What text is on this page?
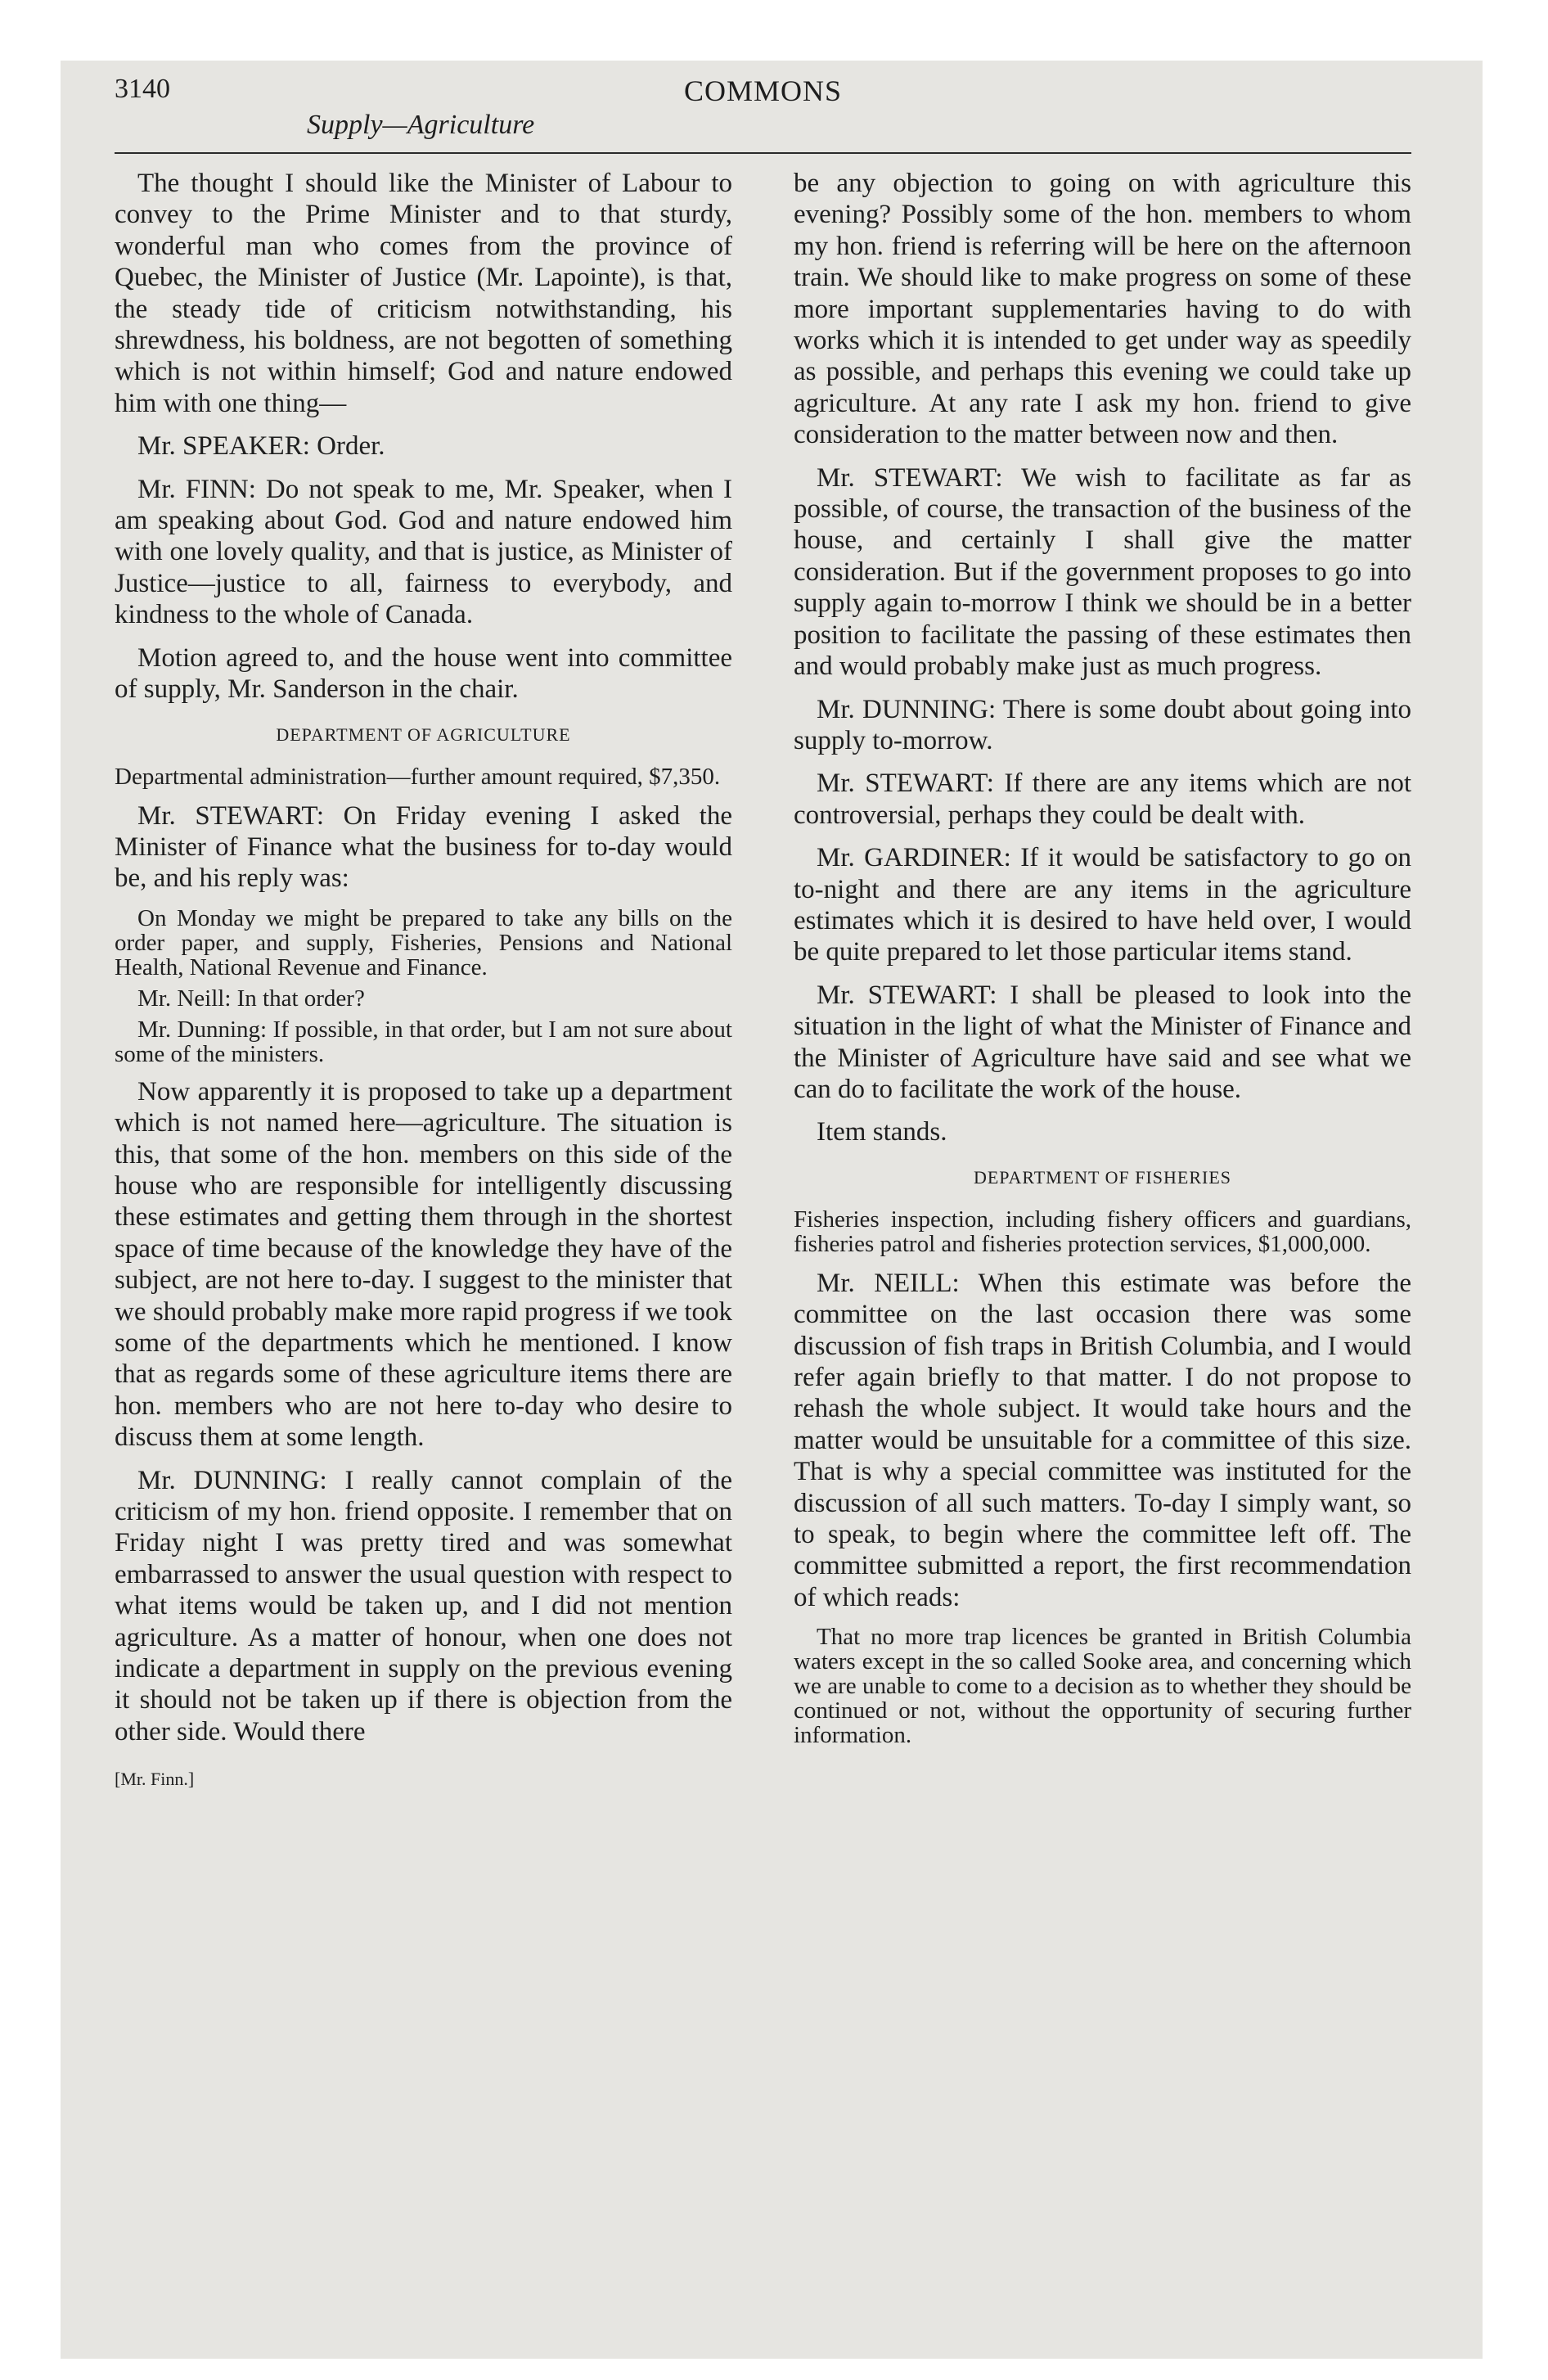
3140	COMMONS
Supply—Agriculture

The thought I should like the Minister of Labour to convey to the Prime Minister and to that sturdy, wonderful man who comes from the province of Quebec, the Minister of Justice (Mr. Lapointe), is that, the steady tide of criticism notwithstanding, his shrewdness, his boldness, are not begotten of something which is not within himself; God and nature endowed him with one thing—

Mr. SPEAKER: Order.

Mr. FINN: Do not speak to me, Mr. Speaker, when I am speaking about God. God and nature endowed him with one lovely quality, and that is justice, as Minister of Justice—justice to all, fairness to everybody, and kindness to the whole of Canada.

Motion agreed to, and the house went into committee of supply, Mr. Sanderson in the chair.

DEPARTMENT OF AGRICULTURE

Departmental administration—further amount required, $7,350.

Mr. STEWART: On Friday evening I asked the Minister of Finance what the business for to-day would be, and his reply was:

On Monday we might be prepared to take any bills on the order paper, and supply, Fisheries, Pensions and National Health, National Revenue and Finance.

Mr. Neill: In that order?

Mr. Dunning: If possible, in that order, but I am not sure about some of the ministers.

Now apparently it is proposed to take up a department which is not named here—agriculture. The situation is this, that some of the hon. members on this side of the house who are responsible for intelligently discussing these estimates and getting them through in the shortest space of time because of the knowledge they have of the subject, are not here to-day. I suggest to the minister that we should probably make more rapid progress if we took some of the departments which he mentioned. I know that as regards some of these agriculture items there are hon. members who are not here to-day who desire to discuss them at some length.

Mr. DUNNING: I really cannot complain of the criticism of my hon. friend opposite. I remember that on Friday night I was pretty tired and was somewhat embarrassed to answer the usual question with respect to what items would be taken up, and I did not mention agriculture. As a matter of honour, when one does not indicate a department in supply on the previous evening it should not be taken up if there is objection from the other side. Would there

[Mr. Finn.]

be any objection to going on with agriculture this evening? Possibly some of the hon. members to whom my hon. friend is referring will be here on the afternoon train. We should like to make progress on some of these more important supplementaries having to do with works which it is intended to get under way as speedily as possible, and perhaps this evening we could take up agriculture. At any rate I ask my hon. friend to give consideration to the matter between now and then.

Mr. STEWART: We wish to facilitate as far as possible, of course, the transaction of the business of the house, and certainly I shall give the matter consideration. But if the government proposes to go into supply again to-morrow I think we should be in a better position to facilitate the passing of these estimates then and would probably make just as much progress.

Mr. DUNNING: There is some doubt about going into supply to-morrow.

Mr. STEWART: If there are any items which are not controversial, perhaps they could be dealt with.

Mr. GARDINER: If it would be satisfactory to go on to-night and there are any items in the agriculture estimates which it is desired to have held over, I would be quite prepared to let those particular items stand.

Mr. STEWART: I shall be pleased to look into the situation in the light of what the Minister of Finance and the Minister of Agriculture have said and see what we can do to facilitate the work of the house.

Item stands.

DEPARTMENT OF FISHERIES

Fisheries inspection, including fishery officers and guardians, fisheries patrol and fisheries protection services, $1,000,000.

Mr. NEILL: When this estimate was before the committee on the last occasion there was some discussion of fish traps in British Columbia, and I would refer again briefly to that matter. I do not propose to rehash the whole subject. It would take hours and the matter would be unsuitable for a committee of this size. That is why a special committee was instituted for the discussion of all such matters. To-day I simply want, so to speak, to begin where the committee left off. The committee submitted a report, the first recommendation of which reads:

That no more trap licences be granted in British Columbia waters except in the so called Sooke area, and concerning which we are unable to come to a decision as to whether they should be continued or not, without the opportunity of securing further information.
